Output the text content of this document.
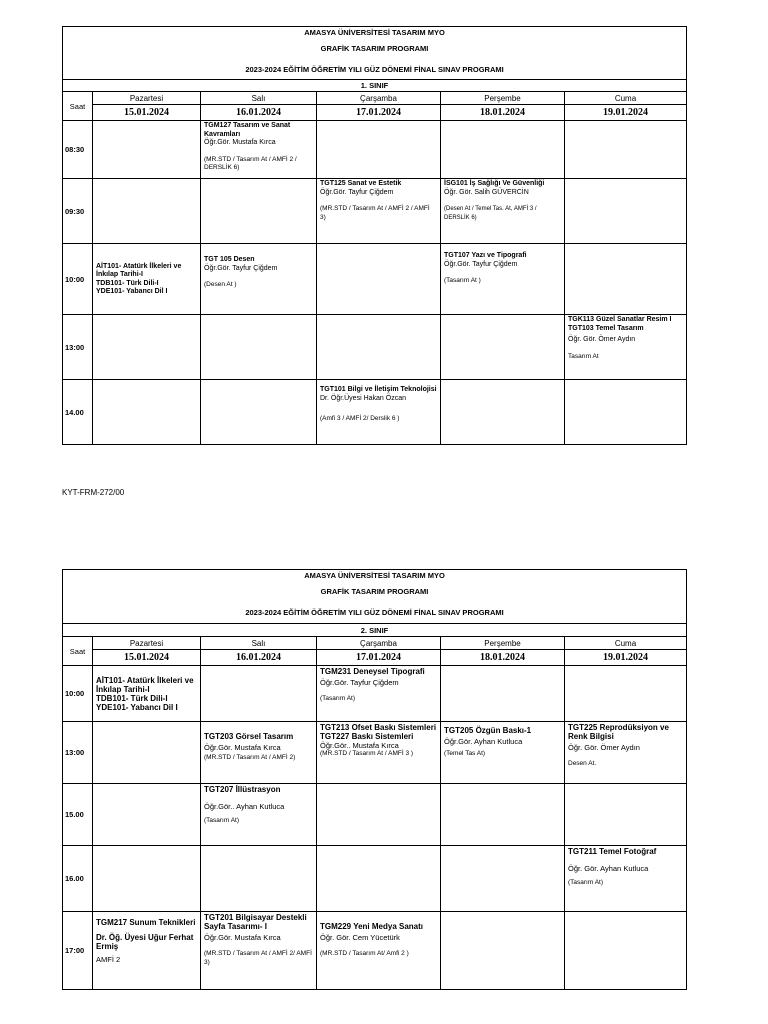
AMASYA ÜNİVERSİTESİ TASARIM MYO					
GRAFİK TASARIM PROGRAMI					
2023-2024 EĞİTİM ÖĞRETİM YILI GÜZ DÖNEMİ FİNAL SINAV PROGRAMI					
1. SINIF					
Saat	Pazartesi	Salı	Çarşamba	Perşembe	Cuma
	15.01.2024	16.01.2024	17.01.2024	18.01.2024	19.01.2024
08:30		TGM127 Tasarım ve Sanat Kavramları
Öğr.Gör. Mustafa Kırca
(MR.STD / Tasarım At / AMFİ 2 / DERSLİK 6)			

09:30			TGT125 Sanat ve Estetik
Öğr.Gör. Tayfur Çiğdem
(MR.STD / Tasarım At / AMFİ 2 / AMFİ 3)	İSG101 İş Sağlığı Ve Güvenliği
Öğr. Gör. Salih GÜVERCİN
(Desen At / Temel Tas. At, AMFİ 3 / DERSLİK 6)	

10:00	AİT101- Atatürk İlkeleri ve İnkılap Tarihi-I
TDB101- Türk Dili-I
YDE101- Yabancı Dil I	TGT 105 Desen
Öğr.Gör. Tayfur Çiğdem
(Desen At )		TGT107 Yazı ve Tipografi
Öğr.Gör. Tayfur Çiğdem
(Tasarım At )	

13:00					TGK113 Güzel Sanatlar Resim I
TGT103 Temel Tasarım
Öğr. Gör. Ömer Aydın
Tasarım At

14.00			TGT101 Bilgi ve İletişim Teknolojisi
Dr. Öğr.Üyesi Hakan Özcan
(Amfi 3 / AMFİ 2/ Derslik 6 )		

KYT-FRM-272/00
AMASYA ÜNİVERSİTESİ TASARIM MYO					
GRAFİK TASARIM PROGRAMI					
2023-2024 EĞİTİM ÖĞRETİM YILI GÜZ DÖNEMİ FİNAL SINAV PROGRAMI					
2. SINIF					
Saat	Pazartesi	Salı	Çarşamba	Perşembe	Cuma
	15.01.2024	16.01.2024	17.01.2024	18.01.2024	19.01.2024
10:00	AİT101- Atatürk İlkeleri ve İnkılap Tarihi-I
TDB101- Türk Dili-I
YDE101- Yabancı Dil I		TGM231 Deneysel Tipografi
Öğr.Gör. Tayfur Çiğdem
(Tasarım At)		

13:00		TGT203 Görsel Tasarım
Öğr.Gör. Mustafa Kırca
(MR.STD / Tasarım At / AMFİ 2)	TGT213 Ofset Baskı Sistemleri
TGT227 Baskı Sistemleri
Öğr.Gör.. Mustafa Kırca
(MR.STD / Tasarım At / AMFİ 3 )	TGT205 Özgün Baskı-1
Öğr.Gör. Ayhan Kutluca
(Temel Tas At)	TGT225 Reprodüksiyon ve Renk Bilgisi
Öğr. Gör. Ömer Aydın
Desen At.

15.00		TGT207 İllüstrasyon
Öğr.Gör.. Ayhan Kutluca
(Tasarım At)			

16.00					TGT211 Temel Fotoğraf
Öğr. Gör. Ayhan Kutluca
(Tasarım At)

17:00	TGM217 Sunum Teknikleri
Dr. Öğ. Üyesi Uğur Ferhat Ermiş
AMFİ 2	TGT201 Bilgisayar Destekli Sayfa Tasarımı- I
Öğr.Gör. Mustafa Kırca
(MR.STD / Tasarım At / AMFİ 2/ AMFİ 3)	TGM229 Yeni Medya Sanatı
Öğr. Gör. Cem Yücetürk
(MR.STD / Tasarım At/ Amfi 2 )		
